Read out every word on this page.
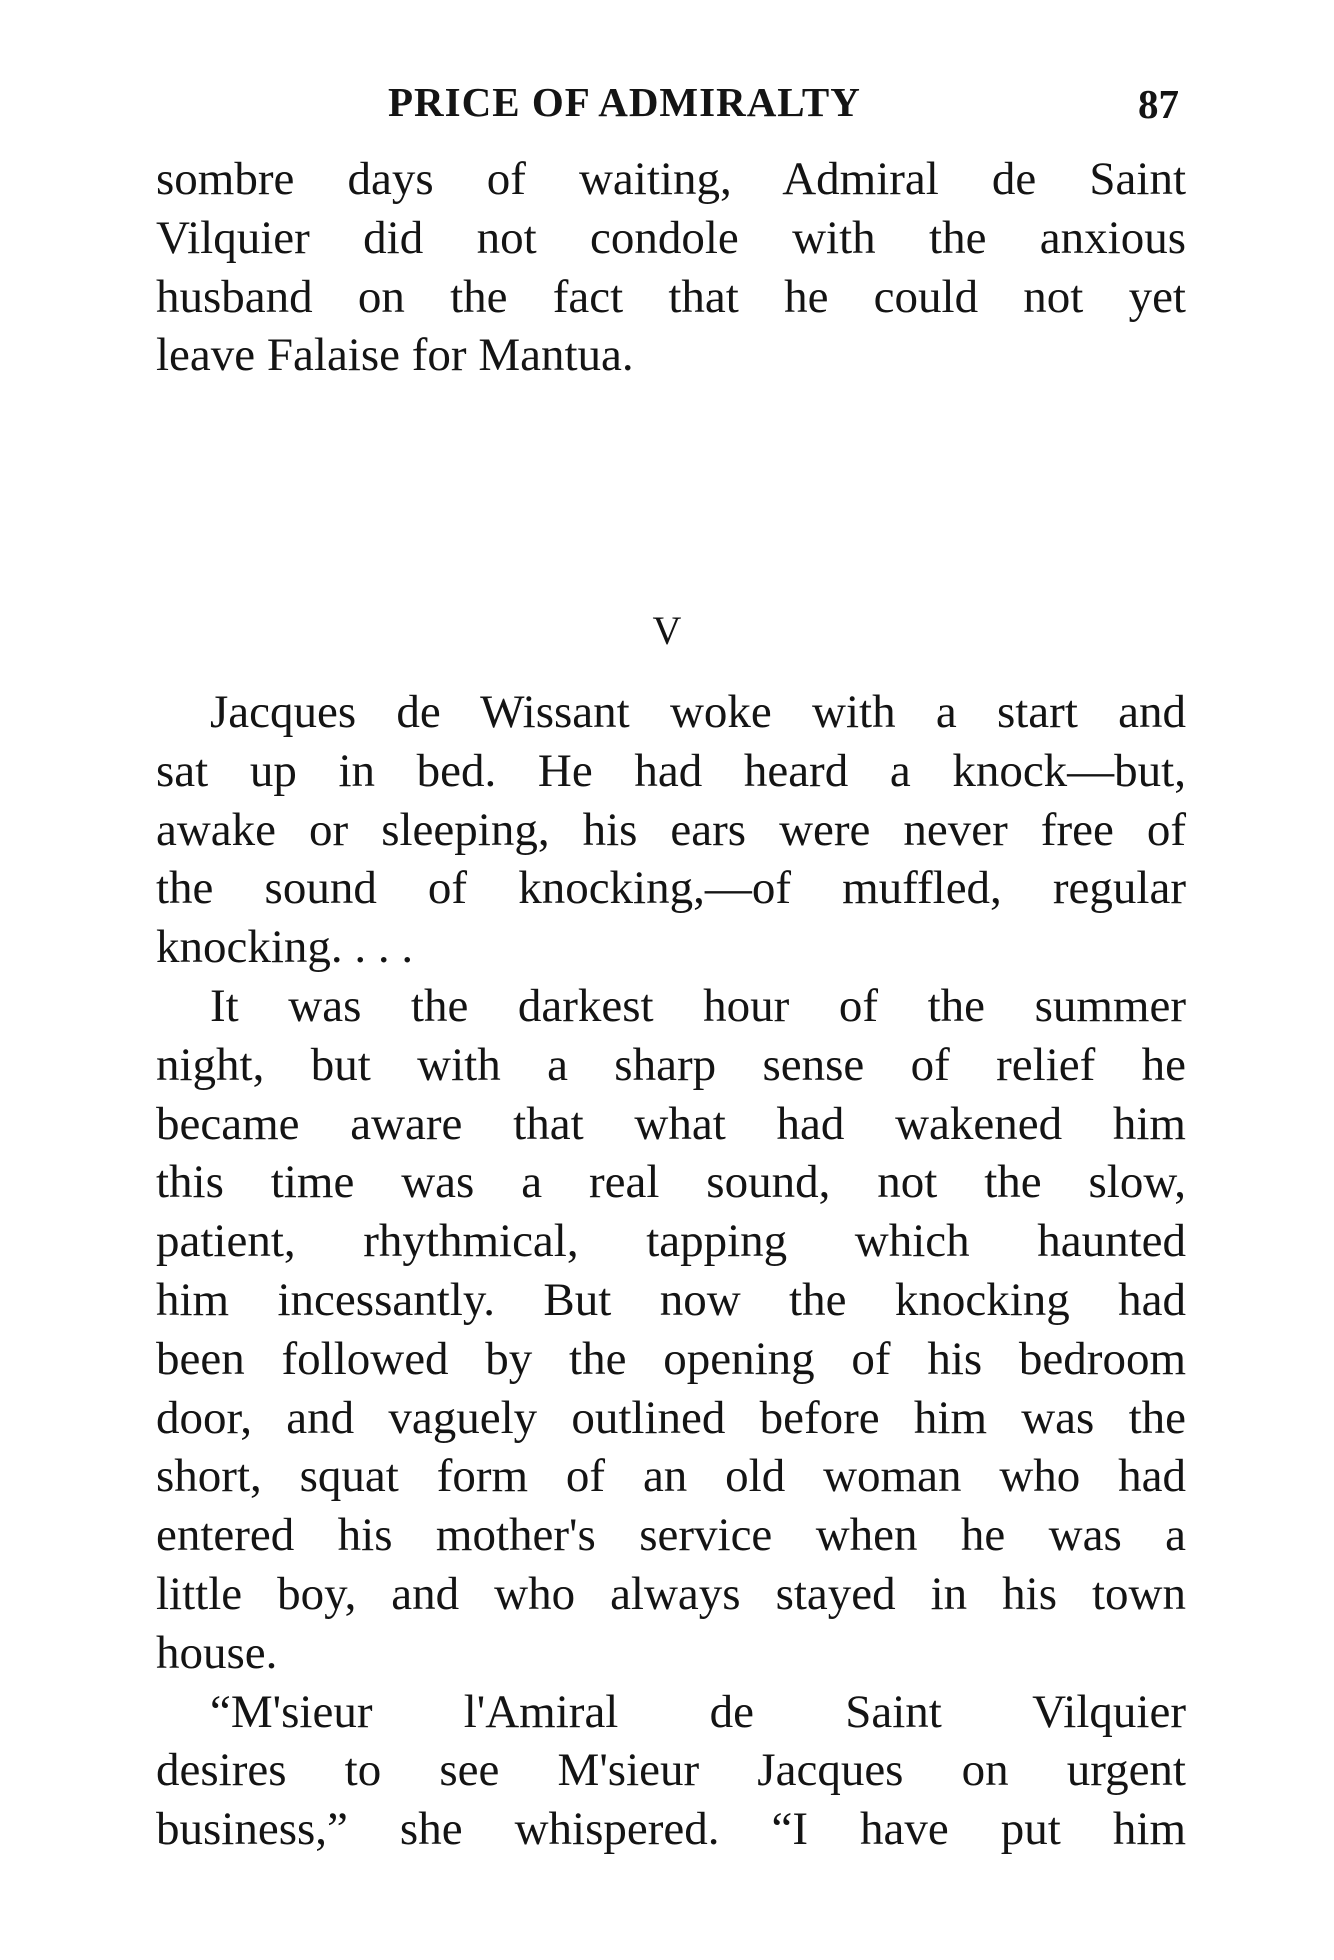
PRICE OF ADMIRALTY	87

sombre days of waiting, Admiral de Saint

Vilquier did not condole with the anxious

husband on the fact that he could not yet

leave Falaise for Mantua.

V

Jacques de Wissant woke with a start and

sat up in bed. He had heard a knock—but,

awake or sleeping, his ears were never free of

the sound of knocking,—of muffled, regular

knocking. . . .

It was the darkest hour of the summer

night, but with a sharp sense of relief he

became aware that what had wakened him

this time was a real sound, not the slow,

patient, rhythmical, tapping which haunted

him incessantly. But now the knocking had

been followed by the opening of his bedroom

door, and vaguely outlined before him was the

short, squat form of an old woman who had

entered his mother's service when he was a

little boy, and who always stayed in his town

house.

“M'sieur l'Amiral de Saint Vilquier

desires to see M'sieur Jacques on urgent

business,” she whispered. “I have put him
